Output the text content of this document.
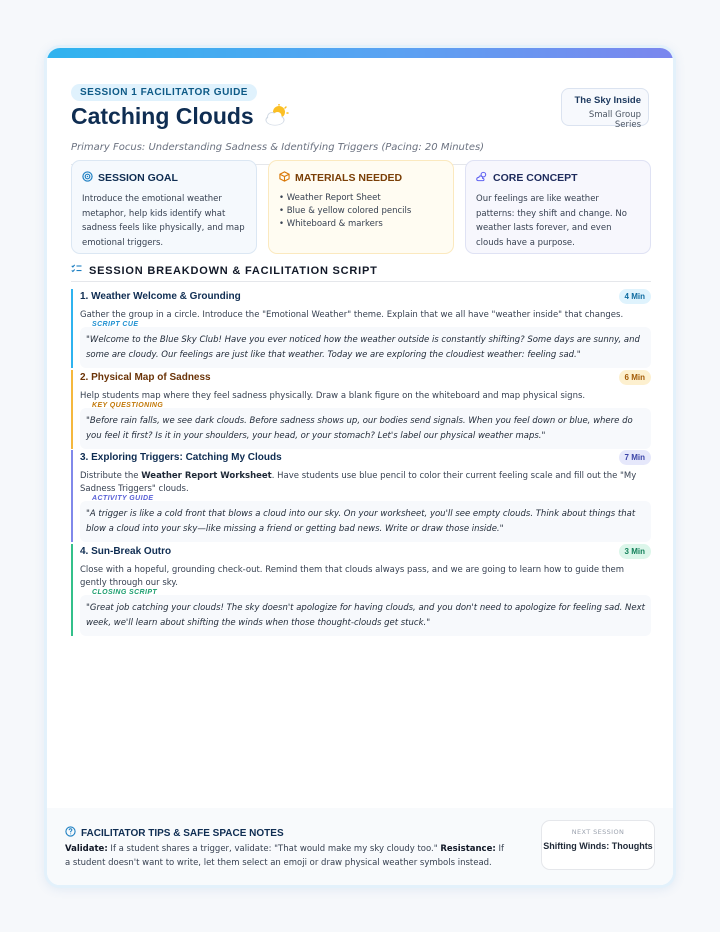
SESSION 1 FACILITATOR GUIDE
Catching Clouds
Primary Focus: Understanding Sadness & Identifying Triggers (Pacing: 20 Minutes)
The Sky Inside
Small Group Series
SESSION GOAL
Introduce the emotional weather metaphor, help kids identify what sadness feels like physically, and map emotional triggers.
MATERIALS NEEDED
• Weather Report Sheet
• Blue & yellow colored pencils
• Whiteboard & markers
CORE CONCEPT
Our feelings are like weather patterns: they shift and change. No weather lasts forever, and even clouds have a purpose.
SESSION BREAKDOWN & FACILITATION SCRIPT
1. Weather Welcome & Grounding	4 Min
Gather the group in a circle. Introduce the "Emotional Weather" theme. Explain that we all have "weather inside" that changes.
SCRIPT CUE
"Welcome to the Blue Sky Club! Have you ever noticed how the weather outside is constantly shifting? Some days are sunny, and some are cloudy. Our feelings are just like that weather. Today we are exploring the cloudiest weather: feeling sad."
2. Physical Map of Sadness	6 Min
Help students map where they feel sadness physically. Draw a blank figure on the whiteboard and map physical signs.
KEY QUESTIONING
"Before rain falls, we see dark clouds. Before sadness shows up, our bodies send signals. When you feel down or blue, where do you feel it first? Is it in your shoulders, your head, or your stomach? Let's label our physical weather maps."
3. Exploring Triggers: Catching My Clouds	7 Min
Distribute the Weather Report Worksheet. Have students use blue pencil to color their current feeling scale and fill out the "My Sadness Triggers" clouds.
ACTIVITY GUIDE
"A trigger is like a cold front that blows a cloud into our sky. On your worksheet, you'll see empty clouds. Think about things that blow a cloud into your sky—like missing a friend or getting bad news. Write or draw those inside."
4. Sun-Break Outro	3 Min
Close with a hopeful, grounding check-out. Remind them that clouds always pass, and we are going to learn how to guide them gently through our sky.
CLOSING SCRIPT
"Great job catching your clouds! The sky doesn't apologize for having clouds, and you don't need to apologize for feeling sad. Next week, we'll learn about shifting the winds when those thought-clouds get stuck."
FACILITATOR TIPS & SAFE SPACE NOTES
Validate: If a student shares a trigger, validate: "That would make my sky cloudy too." Resistance: If a student doesn't want to write, let them select an emoji or draw physical weather symbols instead.
NEXT SESSION
Shifting Winds: Thoughts
